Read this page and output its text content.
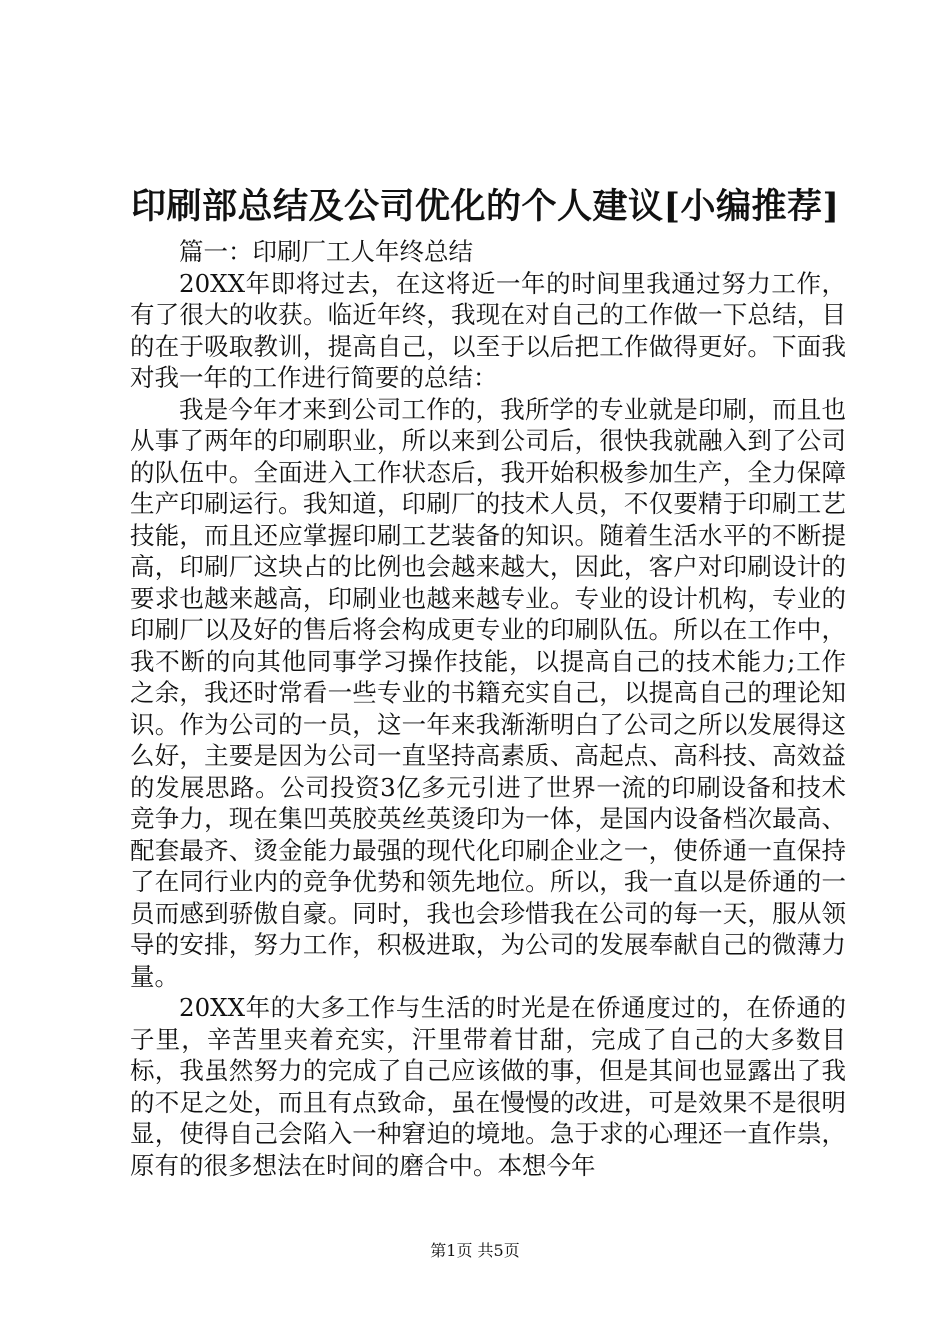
印刷部总结及公司优化的个人建议[小编推荐]

篇一：印刷厂工人年终总结

20XX年即将过去，在这将近一年的时间里我通过努力工作，有了很大的收获。临近年终，我现在对自己的工作做一下总结，目的在于吸取教训，提高自己，以至于以后把工作做得更好。下面我对我一年的工作进行简要的总结：

我是今年才来到公司工作的，我所学的专业就是印刷，而且也从事了两年的印刷职业，所以来到公司后，很快我就融入到了公司的队伍中。全面进入工作状态后，我开始积极参加生产，全力保障生产印刷运行。我知道，印刷厂的技术人员，不仅要精于印刷工艺技能，而且还应掌握印刷工艺装备的知识。随着生活水平的不断提高，印刷厂这块占的比例也会越来越大，因此，客户对印刷设计的要求也越来越高，印刷业也越来越专业。专业的设计机构，专业的印刷厂以及好的售后将会构成更专业的印刷队伍。所以在工作中，我不断的向其他同事学习操作技能，以提高自己的技术能力;工作之余，我还时常看一些专业的书籍充实自己，以提高自己的理论知识。作为公司的一员，这一年来我渐渐明白了公司之所以发展得这么好，主要是因为公司一直坚持高素质、高起点、高科技、高效益的发展思路。公司投资3亿多元引进了世界一流的印刷设备和技术竞争力，现在集凹英胶英丝英烫印为一体，是国内设备档次最高、配套最齐、烫金能力最强的现代化印刷企业之一，使侨通一直保持了在同行业内的竞争优势和领先地位。所以，我一直以是侨通的一员而感到骄傲自豪。同时，我也会珍惜我在公司的每一天，服从领导的安排，努力工作，积极进取，为公司的发展奉献自己的微薄力量。

20XX年的大多工作与生活的时光是在侨通度过的，在侨通的子里，辛苦里夹着充实，汗里带着甘甜，完成了自己的大多数目标，我虽然努力的完成了自己应该做的事，但是其间也显露出了我的不足之处，而且有点致命，虽在慢慢的改进，可是效果不是很明显，使得自己会陷入一种窘迫的境地。急于求的心理还一直作祟，原有的很多想法在时间的磨合中。本想今年

第1页 共5页
